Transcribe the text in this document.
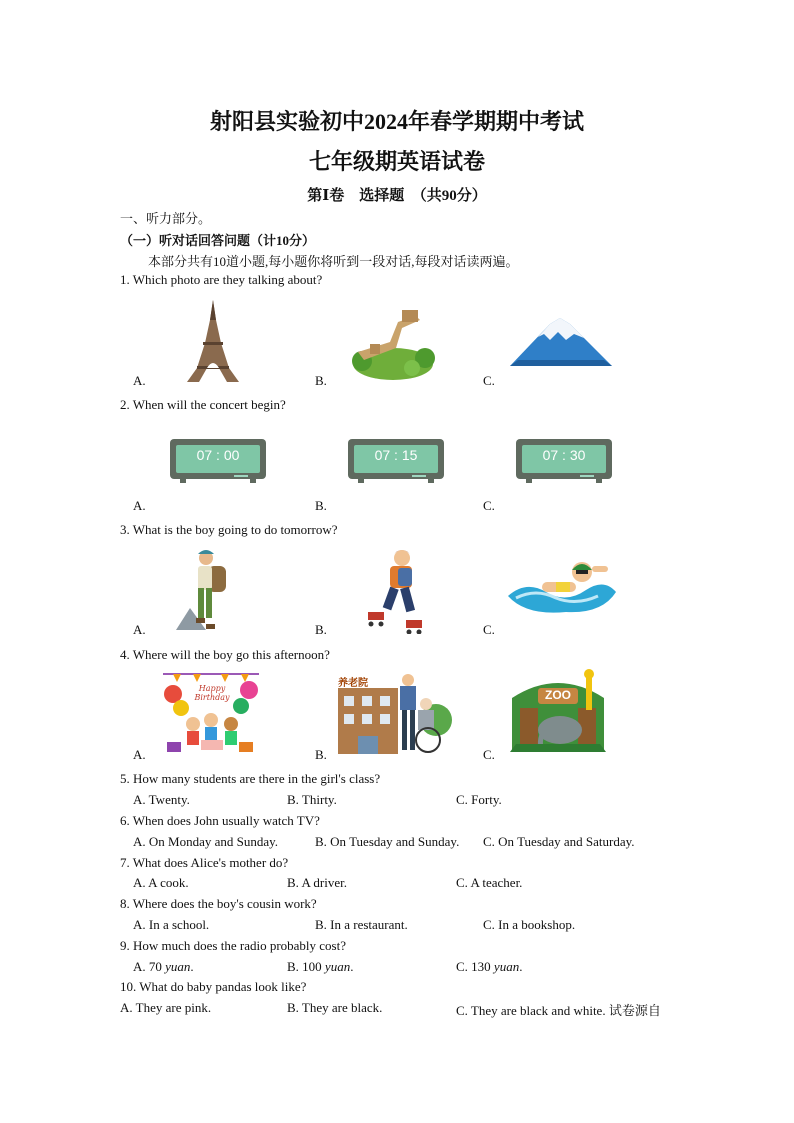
射阳县实验初中2024年春学期期中考试
七年级期英语试卷
第Ⅰ卷　选择题　（共90分）
一、听力部分。
（一）听对话回答问题（计10分）
本部分共有10道小题,每小题你将听到一段对话,每段对话读两遍。
1. Which photo are they talking about?
A.	B.	C.
2. When will the concert begin?
07 : 00
A.
07 : 15
B.
07 : 30
C.
3. What is the boy going to do tomorrow?
A.	B.	C.
4. Where will the boy go this afternoon?
Happy Birthday
A.
养老院
B.
ZOO
C.
5. How many students are there in the girl's class?
A. Twenty.	B. Thirty.	C. Forty.
6. When does John usually watch TV?
A. On Monday and Sunday.	B. On Tuesday and Sunday. C. On Tuesday and Saturday.
7. What does Alice's mother do?
A. A cook.	B. A driver.	C. A teacher.
8. Where does the boy's cousin work?
A. In a school.	B. In a restaurant.	C. In a bookshop.
9. How much does the radio probably cost?
A. 70 yuan.	B. 100 yuan.	C. 130 yuan.
10. What do baby pandas look like?
A. They are pink.	B. They are black.	C. They are black and white. 试卷源自
